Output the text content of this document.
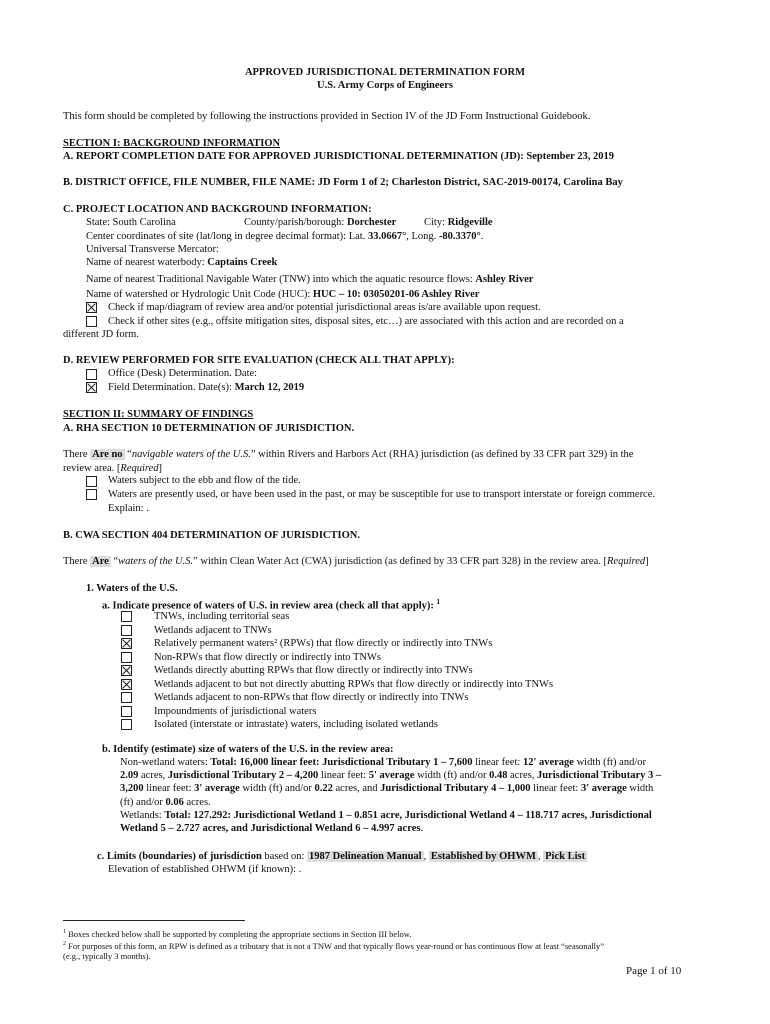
APPROVED JURISDICTIONAL DETERMINATION FORM
U.S. Army Corps of Engineers
This form should be completed by following the instructions provided in Section IV of the JD Form Instructional Guidebook.
SECTION I: BACKGROUND INFORMATION
A. REPORT COMPLETION DATE FOR APPROVED JURISDICTIONAL DETERMINATION (JD): September 23, 2019
B. DISTRICT OFFICE, FILE NUMBER, FILE NAME: JD Form 1 of 2; Charleston District, SAC-2019-00174, Carolina Bay
C. PROJECT LOCATION AND BACKGROUND INFORMATION:
State: South Carolina	County/parish/borough: Dorchester	City: Ridgeville
Center coordinates of site (lat/long in degree decimal format): Lat. 33.0667°, Long. -80.3370°.
Universal Transverse Mercator:
Name of nearest waterbody: Captains Creek
Name of nearest Traditional Navigable Water (TNW) into which the aquatic resource flows: Ashley River
Name of watershed or Hydrologic Unit Code (HUC): HUC – 10: 03050201-06 Ashley River
Check if map/diagram of review area and/or potential jurisdictional areas is/are available upon request.
Check if other sites (e.g., offsite mitigation sites, disposal sites, etc…) are associated with this action and are recorded on a
different JD form.
D. REVIEW PERFORMED FOR SITE EVALUATION (CHECK ALL THAT APPLY):
Office (Desk) Determination. Date:
Field Determination. Date(s): March 12, 2019
SECTION II: SUMMARY OF FINDINGS
A. RHA SECTION 10 DETERMINATION OF JURISDICTION.
There Are no “navigable waters of the U.S.” within Rivers and Harbors Act (RHA) jurisdiction (as defined by 33 CFR part 329) in the
review area. [Required]
Waters subject to the ebb and flow of the tide.
Waters are presently used, or have been used in the past, or may be susceptible for use to transport interstate or foreign commerce.
Explain: .
B. CWA SECTION 404 DETERMINATION OF JURISDICTION.
There Are “waters of the U.S.” within Clean Water Act (CWA) jurisdiction (as defined by 33 CFR part 328) in the review area. [Required]
1. Waters of the U.S.
a. Indicate presence of waters of U.S. in review area (check all that apply): $^1$
TNWs, including territorial seas
Wetlands adjacent to TNWs
Relatively permanent waters² (RPWs) that flow directly or indirectly into TNWs
Non-RPWs that flow directly or indirectly into TNWs
Wetlands directly abutting RPWs that flow directly or indirectly into TNWs
Wetlands adjacent to but not directly abutting RPWs that flow directly or indirectly into TNWs
Wetlands adjacent to non-RPWs that flow directly or indirectly into TNWs
Impoundments of jurisdictional waters
Isolated (interstate or intrastate) waters, including isolated wetlands
b. Identify (estimate) size of waters of the U.S. in the review area:
Non-wetland waters: Total: 16,000 linear feet: Jurisdictional Tributary 1 – 7,600 linear feet: 12' average width (ft) and/or
2.09 acres, Jurisdictional Tributary 2 – 4,200 linear feet: 5' average width (ft) and/or 0.48 acres, Jurisdictional Tributary 3 –
3,200 linear feet: 3' average width (ft) and/or 0.22 acres, and Jurisdictional Tributary 4 – 1,000 linear feet: 3' average width
(ft) and/or 0.06 acres.
Wetlands: Total: 127.292: Jurisdictional Wetland 1 – 0.851 acre, Jurisdictional Wetland 4 – 118.717 acres, Jurisdictional
Wetland 5 – 2.727 acres, and Jurisdictional Wetland 6 – 4.997 acres.
c. Limits (boundaries) of jurisdiction based on: 1987 Delineation Manual , Established by OHWM , Pick List
Elevation of established OHWM (if known): .
$^1$ Boxes checked below shall be supported by completing the appropriate sections in Section III below.
$^2$ For purposes of this form, an RPW is defined as a tributary that is not a TNW and that typically flows year-round or has continuous flow at least “seasonally”
(e.g., typically 3 months).
Page 1 of 10
